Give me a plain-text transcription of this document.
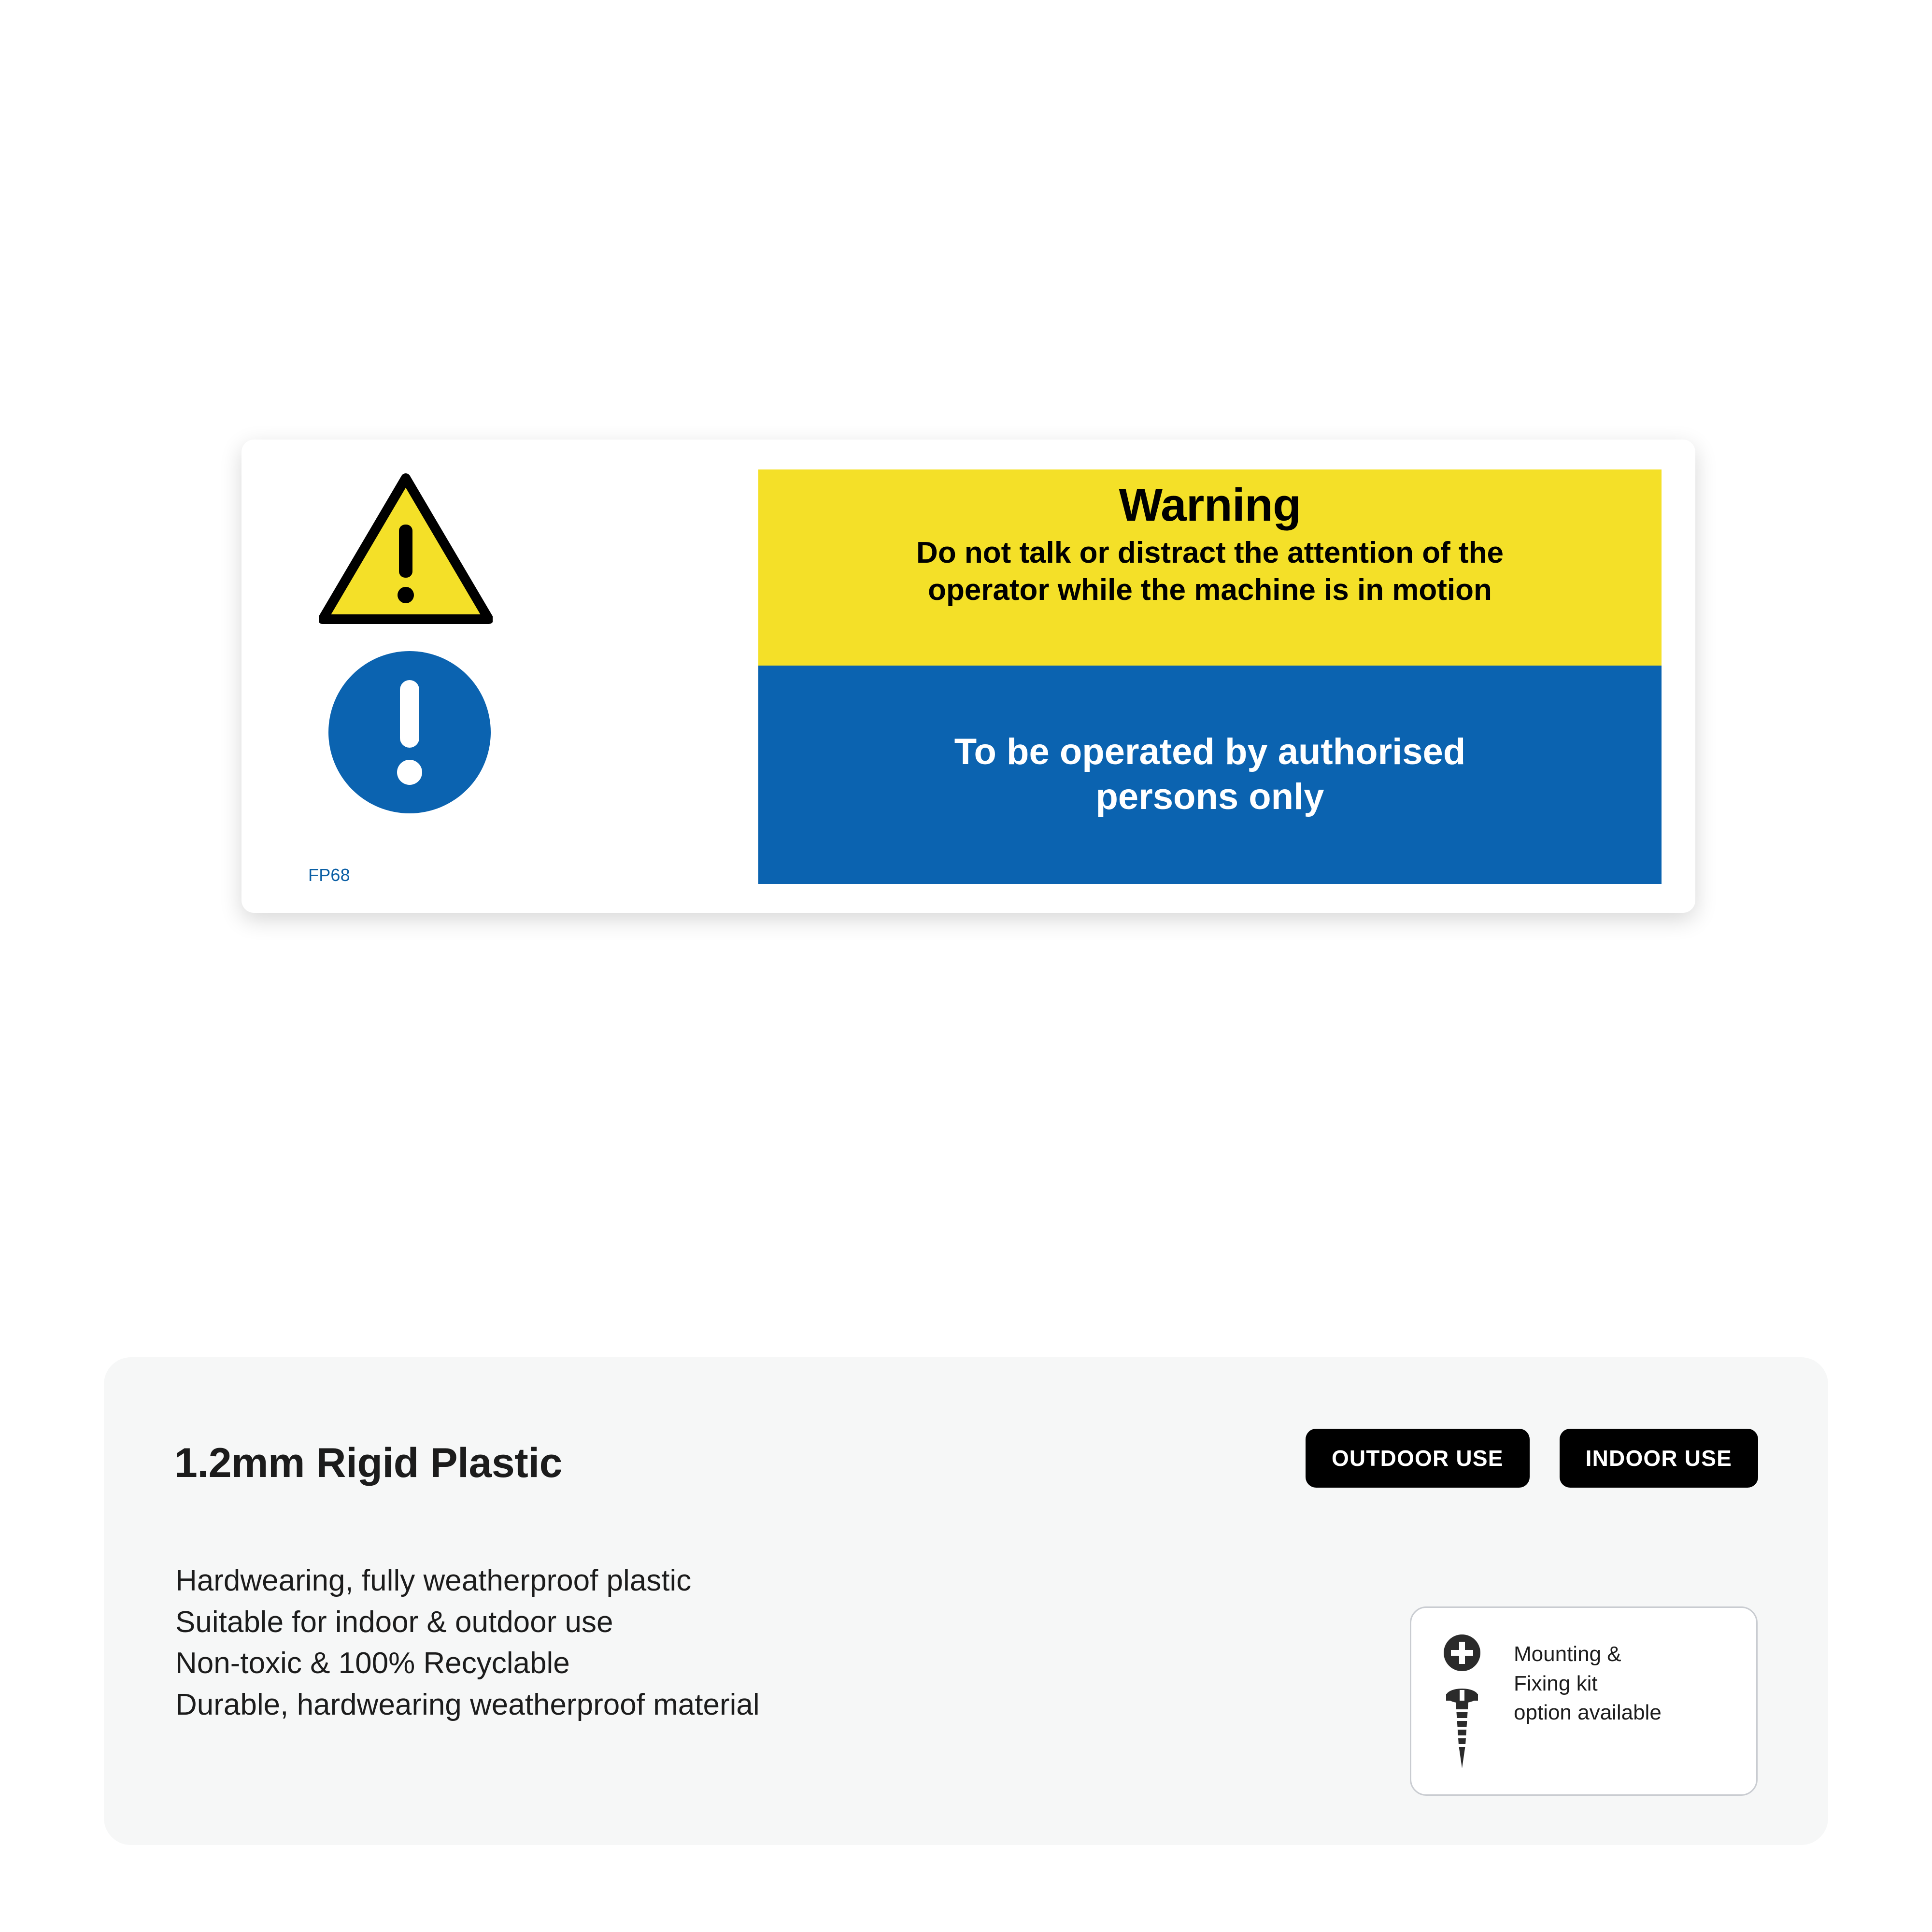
FP68
Warning
Do not talk or distract the attention of the
operator while the machine is in motion
To be operated by authorised
persons only
1.2mm Rigid Plastic
Hardwearing, fully weatherproof plastic
Suitable for indoor & outdoor use
Non-toxic & 100% Recyclable
Durable, hardwearing weatherproof material
OUTDOOR USE	INDOOR USE
Mounting &
Fixing kit
option available
